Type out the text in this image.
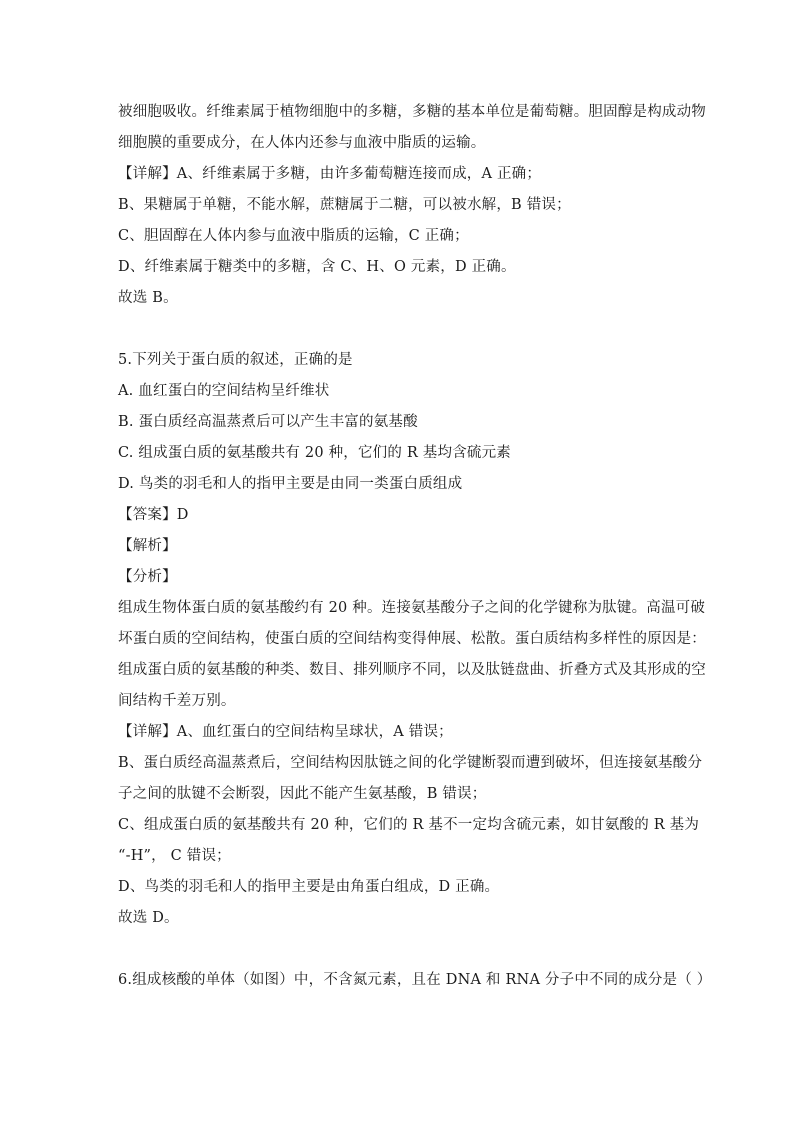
被细胞吸收。纤维素属于植物细胞中的多糖，多糖的基本单位是葡萄糖。胆固醇是构成动物
细胞膜的重要成分，在人体内还参与血液中脂质的运输。
【详解】A、纤维素属于多糖，由许多葡萄糖连接而成，A 正确；
B、果糖属于单糖，不能水解，蔗糖属于二糖，可以被水解，B 错误；
C、胆固醇在人体内参与血液中脂质的运输，C 正确；
D、纤维素属于糖类中的多糖，含 C、H、O 元素，D 正确。
故选 B。
5.下列关于蛋白质的叙述，正确的是
A. 血红蛋白的空间结构呈纤维状
B. 蛋白质经高温蒸煮后可以产生丰富的氨基酸
C. 组成蛋白质的氨基酸共有 20 种，它们的 R 基均含硫元素
D. 鸟类的羽毛和人的指甲主要是由同一类蛋白质组成
【答案】D
【解析】
【分析】
组成生物体蛋白质的氨基酸约有 20 种。连接氨基酸分子之间的化学键称为肽键。高温可破
坏蛋白质的空间结构，使蛋白质的空间结构变得伸展、松散。蛋白质结构多样性的原因是：
组成蛋白质的氨基酸的种类、数目、排列顺序不同，以及肽链盘曲、折叠方式及其形成的空
间结构千差万别。
【详解】A、血红蛋白的空间结构呈球状，A 错误；
B、蛋白质经高温蒸煮后，空间结构因肽链之间的化学键断裂而遭到破坏，但连接氨基酸分
子之间的肽键不会断裂，因此不能产生氨基酸，B 错误；
C、组成蛋白质的氨基酸共有 20 种，它们的 R 基不一定均含硫元素，如甘氨酸的 R 基为
“-H”， C 错误；
D、鸟类的羽毛和人的指甲主要是由角蛋白组成，D 正确。
故选 D。
6.组成核酸的单体（如图）中，不含氮元素，且在 DNA 和 RNA 分子中不同的成分是（ ）
